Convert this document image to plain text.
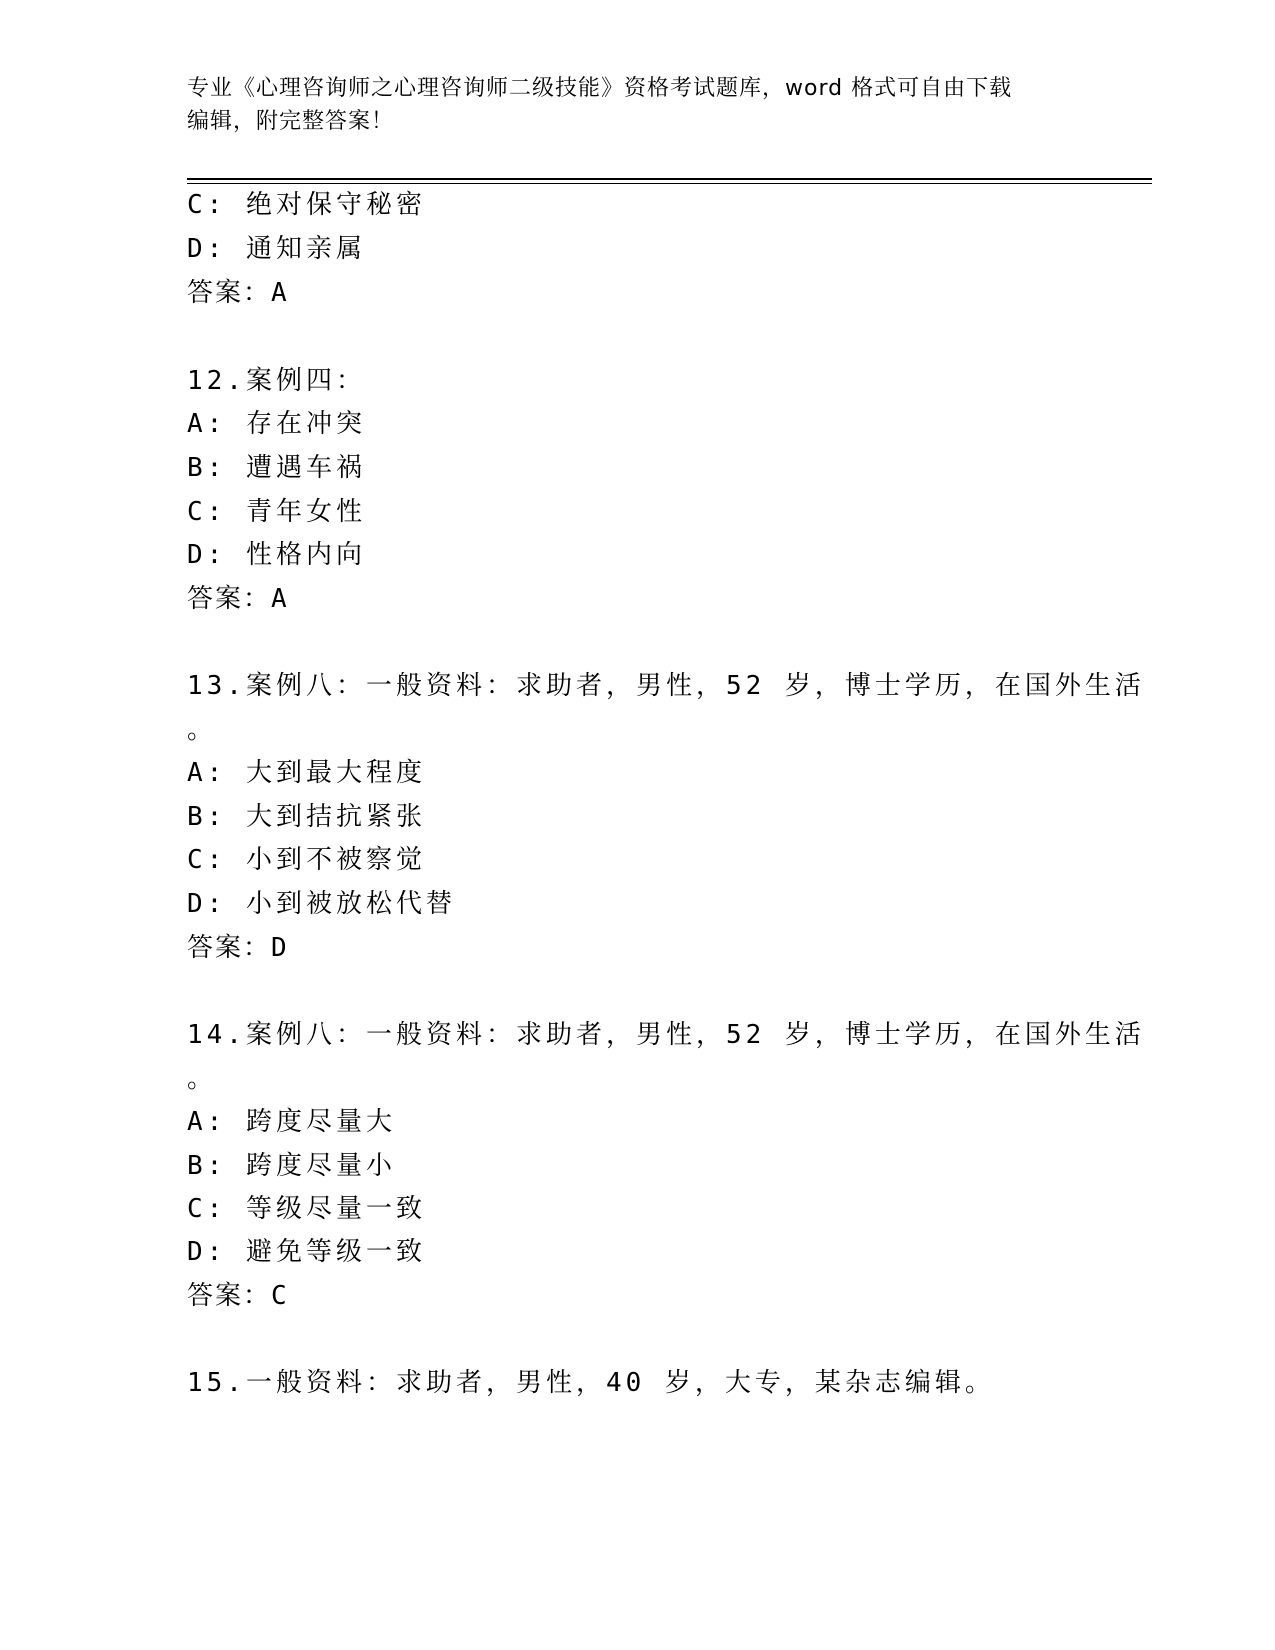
专业《心理咨询师之心理咨询师二级技能》资格考试题库，word 格式可自由下载
编辑，附完整答案！
C: 绝对保守秘密
D: 通知亲属
答案：A
12.案例四：
A: 存在冲突
B: 遭遇车祸
C: 青年女性
D: 性格内向
答案：A
13.案例八：一般资料：求助者，男性，52 岁，博士学历，在国外生活
。
A: 大到最大程度
B: 大到拮抗紧张
C: 小到不被察觉
D: 小到被放松代替
答案：D
14.案例八：一般资料：求助者，男性，52 岁，博士学历，在国外生活
。
A: 跨度尽量大
B: 跨度尽量小
C: 等级尽量一致
D: 避免等级一致
答案：C
15.一般资料：求助者，男性，40 岁，大专，某杂志编辑。
